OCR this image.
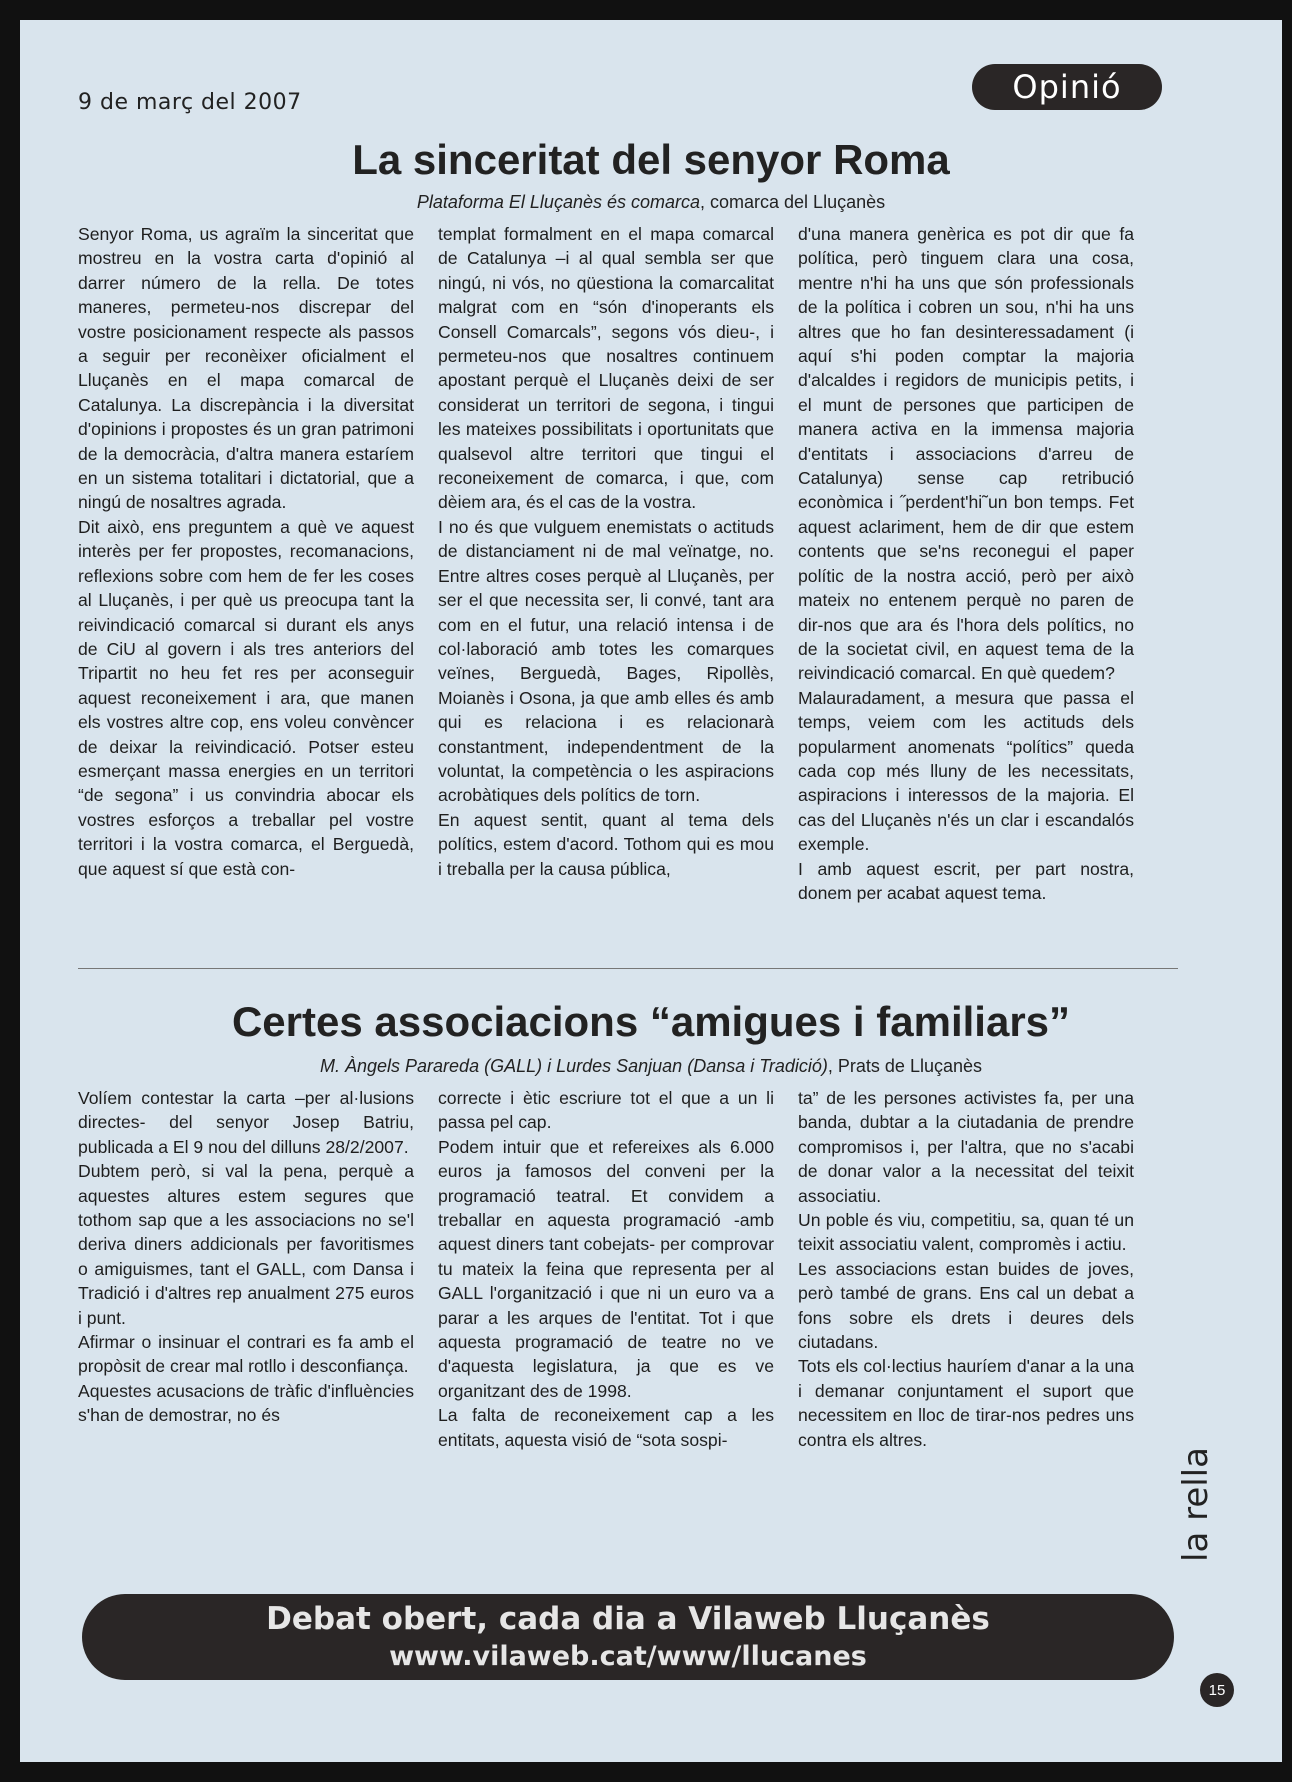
9 de març del 2007	Opinió
La sinceritat del senyor Roma
Plataforma El Lluçanès és comarca, comarca del Lluçanès

Senyor Roma, us agraïm la sinceritat que mostreu en la vostra carta d'opinió al darrer número de la rella. De totes maneres, permeteu-nos discrepar del vostre posicionament respecte als passos a seguir per reconèixer oficialment el Lluçanès en el mapa comarcal de Catalunya. La discrepància i la diversitat d'opinions i propostes és un gran patrimoni de la democràcia, d'altra manera estaríem en un sistema totalitari i dictatorial, que a ningú de nosaltres agrada.

Dit això, ens preguntem a què ve aquest interès per fer propostes, recomanacions, reflexions sobre com hem de fer les coses al Lluçanès, i per què us preocupa tant la reivindicació comarcal si durant els anys de CiU al govern i als tres anteriors del Tripartit no heu fet res per aconseguir aquest reconeixement i ara, que manen els vostres altre cop, ens voleu convèncer de deixar la reivindicació. Potser esteu esmerçant massa energies en un territori “de segona” i us convindria abocar els vostres esforços a treballar pel vostre territori i la vostra comarca, el Berguedà, que aquest sí que està con-

templat formalment en el mapa comarcal de Catalunya –i al qual sembla ser que ningú, ni vós, no qüestiona la comarcalitat malgrat com en “són d'inoperants els Consell Comarcals”, segons vós dieu-, i permeteu-nos que nosaltres continuem apostant perquè el Lluçanès deixi de ser considerat un territori de segona, i tingui les mateixes possibilitats i oportunitats que qualsevol altre territori que tingui el reconeixement de comarca, i que, com dèiem ara, és el cas de la vostra.

I no és que vulguem enemistats o actituds de distanciament ni de mal veïnatge, no. Entre altres coses perquè al Lluçanès, per ser el que necessita ser, li convé, tant ara com en el futur, una relació intensa i de col·laboració amb totes les comarques veïnes, Berguedà, Bages, Ripollès, Moianès i Osona, ja que amb elles és amb qui es relaciona i es relacionarà constantment, independentment de la voluntat, la competència o les aspiracions acrobàtiques dels polítics de torn.

En aquest sentit, quant al tema dels polítics, estem d'acord. Tothom qui es mou i treballa per la causa pública,

d'una manera genèrica es pot dir que fa política, però tinguem clara una cosa, mentre n'hi ha uns que són professionals de la política i cobren un sou, n'hi ha uns altres que ho fan desinteressadament (i aquí s'hi poden comptar la majoria d'alcaldes i regidors de municipis petits, i el munt de persones que participen de manera activa en la immensa majoria d'entitats i associacions d'arreu de Catalunya) sense cap retribució econòmica i ˝perdent'hi˜un bon temps. Fet aquest aclariment, hem de dir que estem contents que se'ns reconegui el paper polític de la nostra acció, però per això mateix no entenem perquè no paren de dir-nos que ara és l'hora dels polítics, no de la societat civil, en aquest tema de la reivindicació comarcal. En què quedem?

Malauradament, a mesura que passa el temps, veiem com les actituds dels popularment anomenats “polítics” queda cada cop més lluny de les necessitats, aspiracions i interessos de la majoria. El cas del Lluçanès n'és un clar i escandalós exemple.

I amb aquest escrit, per part nostra, donem per acabat aquest tema.

Certes associacions “amigues i familiars”
M. Àngels Parareda (GALL) i Lurdes Sanjuan (Dansa i Tradició), Prats de Lluçanès

Volíem contestar la carta –per al·lusions directes- del senyor Josep Batriu, publicada a El 9 nou del dilluns 28/2/2007.

Dubtem però, si val la pena, perquè a aquestes altures estem segures que tothom sap que a les associacions no se'l deriva diners addicionals per favoritismes o amiguismes, tant el GALL, com Dansa i Tradició i d'altres rep anualment 275 euros i punt.

Afirmar o insinuar el contrari es fa amb el propòsit de crear mal rotllo i desconfiança.

Aquestes acusacions de tràfic d'influències s'han de demostrar, no és

correcte i ètic escriure tot el que a un li passa pel cap.

Podem intuir que et refereixes als 6.000 euros ja famosos del conveni per la programació teatral. Et convidem a treballar en aquesta programació -amb aquest diners tant cobejats- per comprovar tu mateix la feina que representa per al GALL l'organització i que ni un euro va a parar a les arques de l'entitat. Tot i que aquesta programació de teatre no ve d'aquesta legislatura, ja que es ve organitzant des de 1998.

La falta de reconeixement cap a les entitats, aquesta visió de “sota sospi-

ta” de les persones activistes fa, per una banda, dubtar a la ciutadania de prendre compromisos i, per l'altra, que no s'acabi de donar valor a la necessitat del teixit associatiu.

Un poble és viu, competitiu, sa, quan té un teixit associatiu valent, compromès i actiu.

Les associacions estan buides de joves, però també de grans. Ens cal un debat a fons sobre els drets i deures dels ciutadans.

Tots els col·lectius hauríem d'anar a la una i demanar conjuntament el suport que necessitem en lloc de tirar-nos pedres uns contra els altres.

Debat obert, cada dia a Vilaweb Lluçanès
www.vilaweb.cat/www/llucanes
la rella
15
